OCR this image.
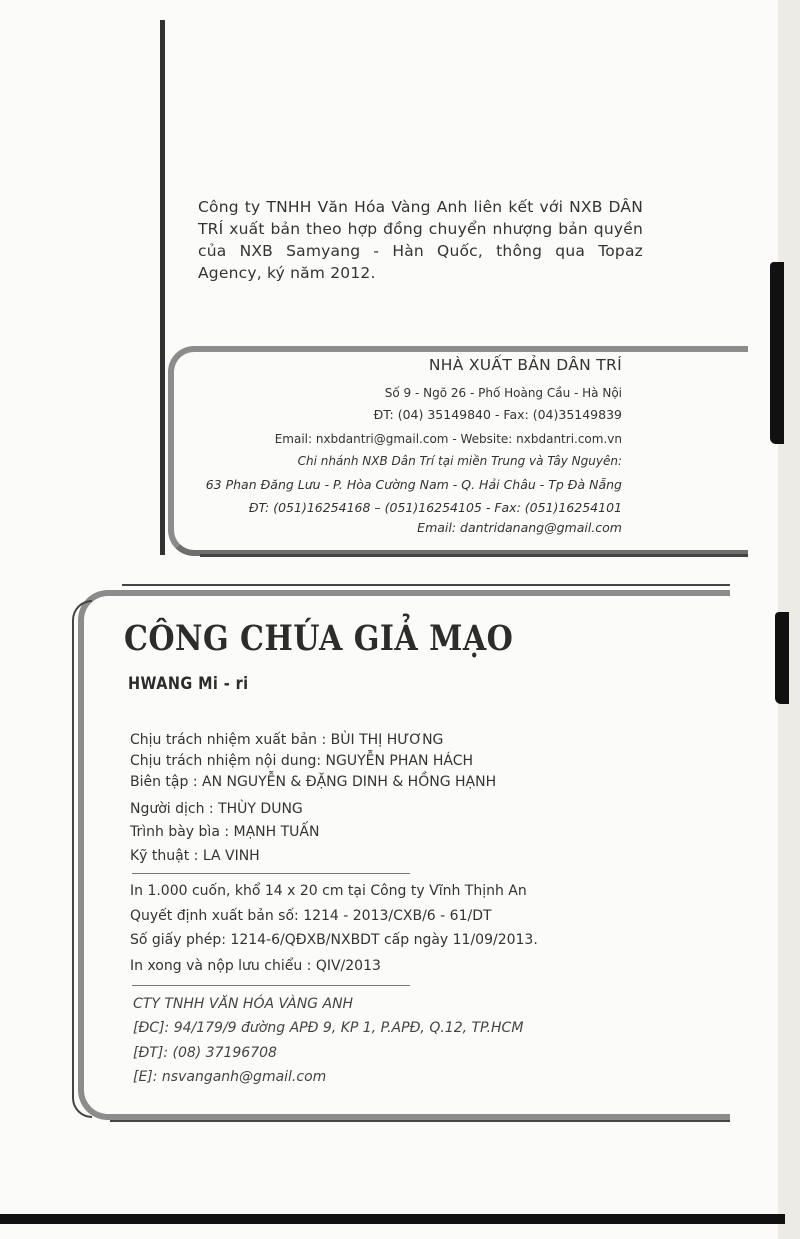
Công ty TNHH Văn Hóa Vàng Anh liên kết với NXB DÂN TRÍ xuất bản theo hợp đồng chuyển nhượng bản quyền của NXB Samyang - Hàn Quốc, thông qua Topaz Agency, ký năm 2012.
NHÀ XUẤT BẢN DÂN TRÍ
Số 9 - Ngõ 26 - Phố Hoàng Cầu - Hà Nội
ĐT: (04) 35149840 - Fax: (04)35149839
Email: nxbdantri@gmail.com - Website: nxbdantri.com.vn
Chi nhánh NXB Dân Trí tại miền Trung và Tây Nguyên:
63 Phan Đăng Lưu - P. Hòa Cường Nam - Q. Hải Châu - Tp Đà Nẵng
ĐT: (051)16254168 – (051)16254105 - Fax: (051)16254101
Email: dantridanang@gmail.com
CÔNG CHÚA GIẢ MẠO
HWANG Mi - ri
Chịu trách nhiệm xuất bản : BÙI THỊ HƯƠNG
Chịu trách nhiệm nội dung: NGUYỄN PHAN HÁCH
Biên tập : AN NGUYỄN & ĐẶNG DINH & HỒNG HẠNH
Người dịch : THÙY DUNG
Trình bày bìa : MẠNH TUẤN
Kỹ thuật : LA VINH
In 1.000 cuốn, khổ 14 x 20 cm tại Công ty Vĩnh Thịnh An
Quyết định xuất bản số: 1214 - 2013/CXB/6 - 61/DT
Số giấy phép: 1214-6/QĐXB/NXBDT cấp ngày 11/09/2013.
In xong và nộp lưu chiểu : QIV/2013
CTY TNHH VĂN HÓA VÀNG ANH
[ĐC]: 94/179/9 đường APĐ 9, KP 1, P.APĐ, Q.12, TP.HCM
[ĐT]: (08) 37196708
[E]: nsvanganh@gmail.com
